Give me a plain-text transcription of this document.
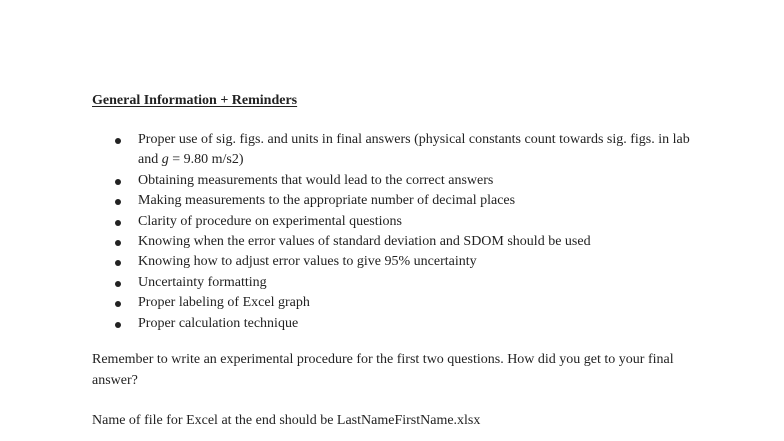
General Information + Reminders
Proper use of sig. figs. and units in final answers (physical constants count towards sig. figs. in lab and g = 9.80 m/s2)
Obtaining measurements that would lead to the correct answers
Making measurements to the appropriate number of decimal places
Clarity of procedure on experimental questions
Knowing when the error values of standard deviation and SDOM should be used
Knowing how to adjust error values to give 95% uncertainty
Uncertainty formatting
Proper labeling of Excel graph
Proper calculation technique

Remember to write an experimental procedure for the first two questions. How did you get to your final answer?

Name of file for Excel at the end should be LastNameFirstName.xlsx
